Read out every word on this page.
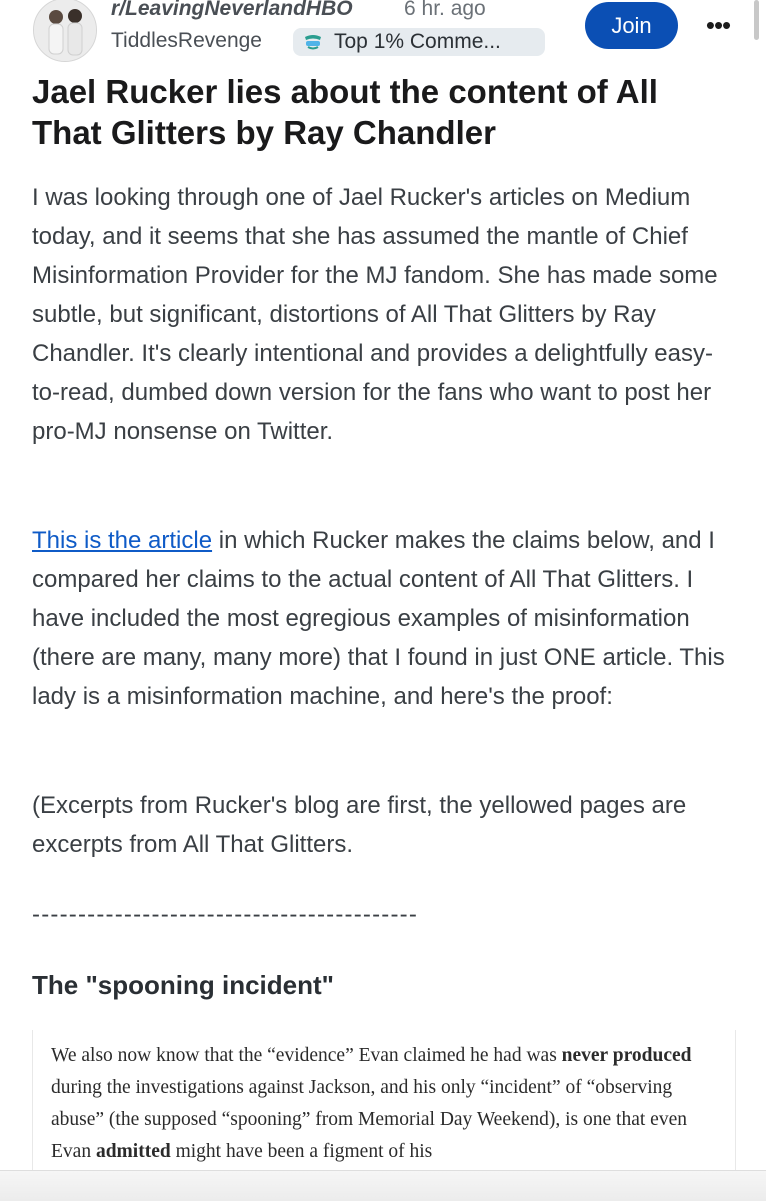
r/LeavingNeverlandHBO 6 hr. ago
TiddlesRevenge	Top 1% Comme...
Join	•••
Jael Rucker lies about the content of All That Glitters by Ray Chandler

I was looking through one of Jael Rucker's articles on Medium today, and it seems that she has assumed the mantle of Chief Misinformation Provider for the MJ fandom. She has made some subtle, but significant, distortions of All That Glitters by Ray Chandler. It's clearly intentional and provides a delightfully easy-to-read, dumbed down version for the fans who want to post her pro-MJ nonsense on Twitter.

This is the article in which Rucker makes the claims below, and I compared her claims to the actual content of All That Glitters. I have included the most egregious examples of misinformation (there are many, many more) that I found in just ONE article. This lady is a misinformation machine, and here's the proof:

(Excerpts from Rucker's blog are first, the yellowed pages are excerpts from All That Glitters.

------------------------------------------

The "spooning incident"

We also now know that the “evidence” Evan claimed he had was never produced during the investigations against Jackson, and his only “incident” of “observing abuse” (the supposed “spooning” from Memorial Day Weekend), is one that even Evan admitted might have been a figment of his
